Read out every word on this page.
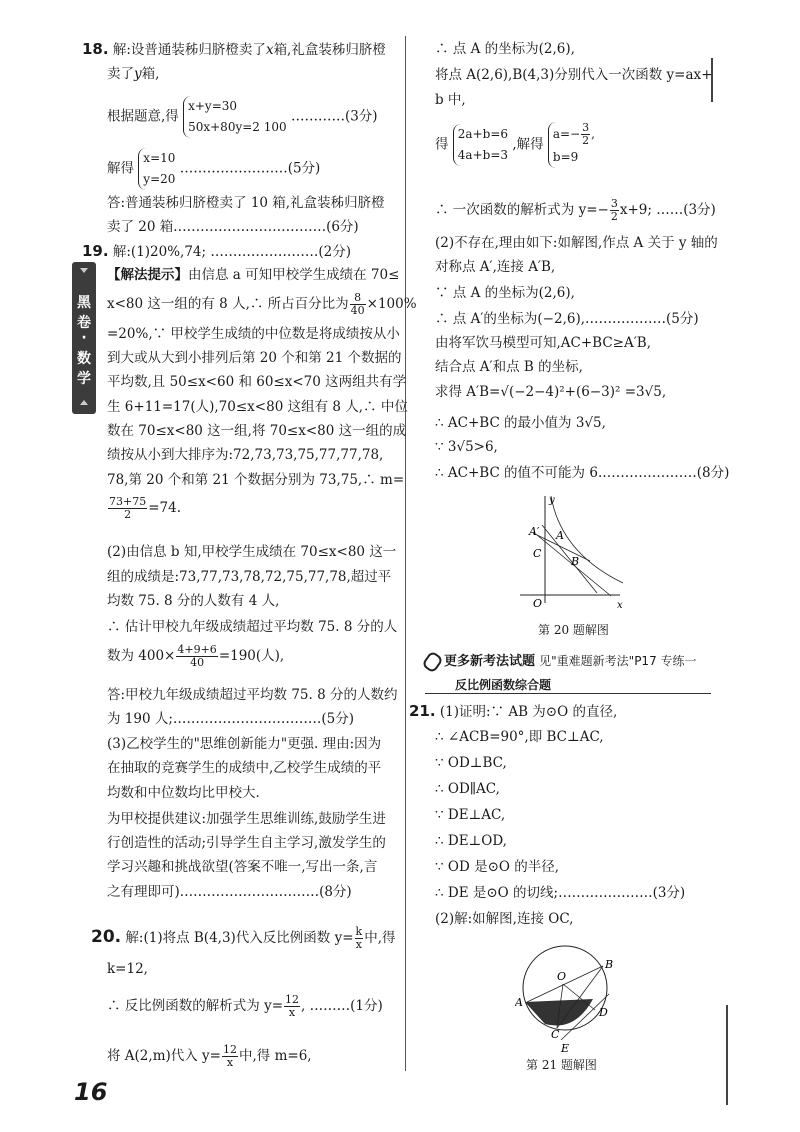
黑
卷
·
数
学
18. 解:设普通装秭归脐橙卖了x箱,礼盒装秭归脐橙
卖了y箱,
根据题意,得
x+y=30
50x+80y=2 100
…………(3分)
解得
x=10
y=20
……………………(5分)
答:普通装秭归脐橙卖了 10 箱,礼盒装秭归脐橙
卖了 20 箱.……………………………(6分)
19. 解:(1)20%,74; ……………………(2分)
【解法提示】由信息 a 可知甲校学生成绩在 70≤
x<80 这一组的有 8 人,∴ 所占百分比为 $\frac{8}{40} \times 100\%$
=20%,∵ 甲校学生成绩的中位数是将成绩按从小
到大或从大到小排列后第 20 个和第 21 个数据的
平均数,且 50≤x<60 和 60≤x<70 这两组共有学
生 6+11=17(人),70≤x<80 这组有 8 人,∴ 中位
数在 70≤x<80 这一组,将 70≤x<80 这一组的成
绩按从小到大排序为:72,73,73,75,77,77,78,
78,第 20 个和第 21 个数据分别为 73,75,∴ m=
$\frac{73+75}{2} =74$.
(2)由信息 b 知,甲校学生成绩在 70≤x<80 这一
组的成绩是:73,77,73,78,72,75,77,78,超过平
均数 75. 8 分的人数有 4 人,
∴ 估计甲校九年级成绩超过平均数 75. 8 分的人
数为 $400\times \frac{4+9+6}{40} =190$(人),
答:甲校九年级成绩超过平均数 75. 8 分的人数约
为 190 人;……………………………(5分)
(3)乙校学生的"思维创新能力"更强. 理由:因为
在抽取的竞赛学生的成绩中,乙校学生成绩的平
均数和中位数均比甲校大.
为甲校提供建议:加强学生思维训练,鼓励学生进
行创造性的活动;引导学生自主学习,激发学生的
学习兴趣和挑战欲望(答案不唯一,写出一条,言
之有理即可).…………………………(8分)
20. 解:(1)将点 B(4,3)代入反比例函数 $y= \frac{k}{x}$ 中,得
k=12,
∴ 反比例函数的解析式为 $y= \frac{12}{x}$ , ………(1分)
将 A(2,m)代入 $y= \frac{12}{x}$ 中,得 m=6,
∴ 点 A 的坐标为(2,6),
将点 A(2,6),B(4,3)分别代入一次函数 y=ax+
b 中,
得
2a+b=6
4a+b=3
,解得
$a=- \frac{3}{2}$ ,
b=9
∴ 一次函数的解析式为 $y=- \frac{3}{2} x+9$; ……(3分)
(2)不存在,理由如下:如解图,作点 A 关于 y 轴的
对称点 A′,连接 A′B,
∵ 点 A 的坐标为(2,6),
∴ 点 A′的坐标为(−2,6),………………(5分)
由将军饮马模型可知,AC+BC≥A′B,
结合点 A′和点 B 的坐标,
求得 A′B=√(−2−4)²+(6−3)² =3√5,
∴ AC+BC 的最小值为 3√5,
∵ 3√5>6,
∴ AC+BC 的值不可能为 6.…………………(8分)
y
x
O
A
A′
B
C
第 20 题解图
更多新考法试题 见"重难题新考法"P17 专练一
反比例函数综合题
21. (1)证明:∵ AB 为⊙O 的直径,
∴ ∠ACB=90°,即 BC⊥AC,
∵ OD⊥BC,
∴ OD∥AC,
∵ DE⊥AC,
∴ DE⊥OD,
∵ OD 是⊙O 的半径,
∴ DE 是⊙O 的切线;…………………(3分)
(2)解:如解图,连接 OC,
O
A
B
C
D
E
第 21 题解图
16
